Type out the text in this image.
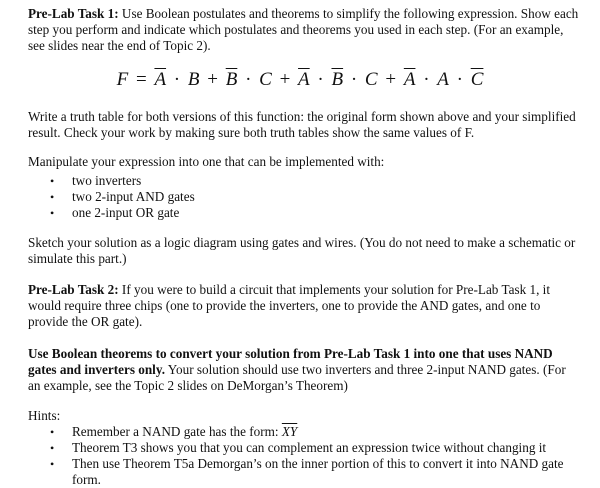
Pre-Lab Task 1: Use Boolean postulates and theorems to simplify the following expression. Show each step you perform and indicate which postulates and theorems you used in each step. (For an example, see slides near the end of Topic 2).

$F = \overline{A} \cdot B + \overline{B} \cdot C + \overline{A} \cdot \overline{B} \cdot C + \overline{A} \cdot A \cdot \overline{C}$

Write a truth table for both versions of this function: the original form shown above and your simplified result. Check your work by making sure both truth tables show the same values of F.

Manipulate your expression into one that can be implemented with:

• two inverters
• two 2-input AND gates
• one 2-input OR gate

Sketch your solution as a logic diagram using gates and wires. (You do not need to make a schematic or simulate this part.)

Pre-Lab Task 2: If you were to build a circuit that implements your solution for Pre-Lab Task 1, it would require three chips (one to provide the inverters, one to provide the AND gates, and one to provide the OR gate).

Use Boolean theorems to convert your solution from Pre-Lab Task 1 into one that uses NAND gates and inverters only. Your solution should use two inverters and three 2-input NAND gates. (For an example, see the Topic 2 slides on DeMorgan’s Theorem)

Hints:

• Remember a NAND gate has the form: $\overline{XY}$
• Theorem T3 shows you that you can complement an expression twice without changing it
• Then use Theorem T5a Demorgan’s on the inner portion of this to convert it into NAND gate form.
